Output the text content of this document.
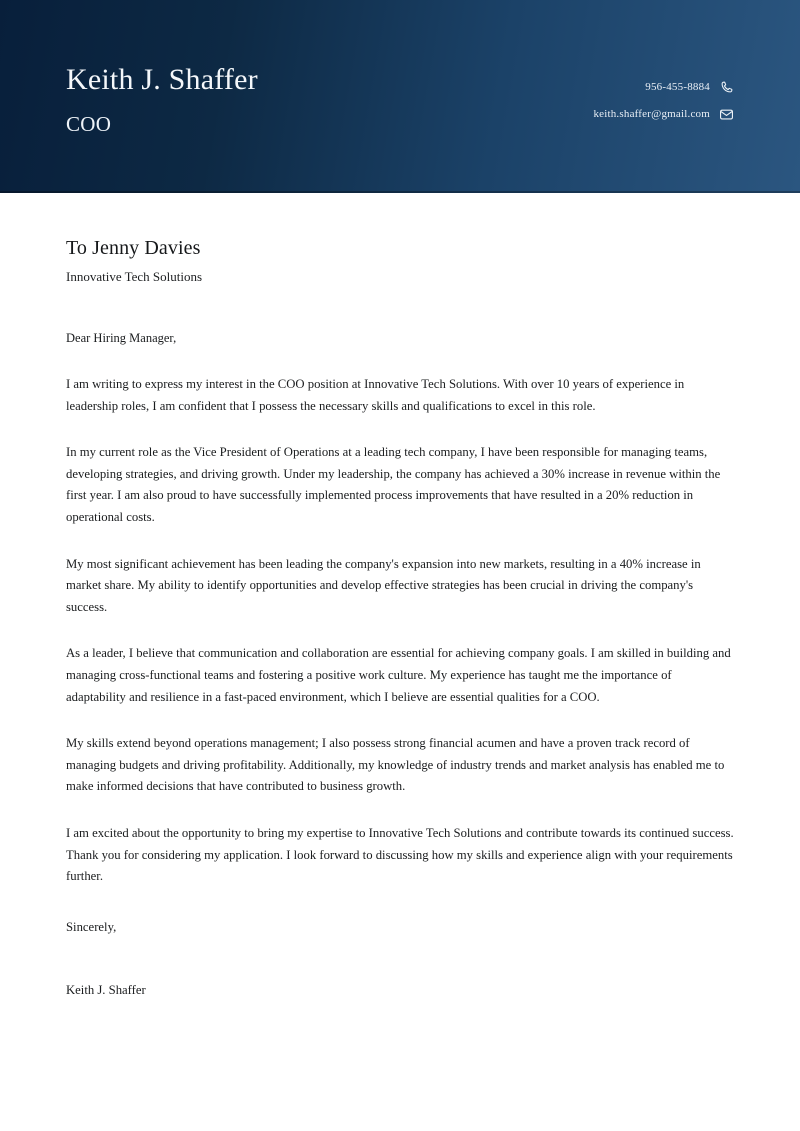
Keith J. Shaffer
COO
956-455-8884
keith.shaffer@gmail.com
To Jenny Davies
Innovative Tech Solutions
Dear Hiring Manager,

I am writing to express my interest in the COO position at Innovative Tech Solutions. With over 10 years of experience in leadership roles, I am confident that I possess the necessary skills and qualifications to excel in this role.

In my current role as the Vice President of Operations at a leading tech company, I have been responsible for managing teams, developing strategies, and driving growth. Under my leadership, the company has achieved a 30% increase in revenue within the first year. I am also proud to have successfully implemented process improvements that have resulted in a 20% reduction in operational costs.

My most significant achievement has been leading the company's expansion into new markets, resulting in a 40% increase in market share. My ability to identify opportunities and develop effective strategies has been crucial in driving the company's success.

As a leader, I believe that communication and collaboration are essential for achieving company goals. I am skilled in building and managing cross-functional teams and fostering a positive work culture. My experience has taught me the importance of adaptability and resilience in a fast-paced environment, which I believe are essential qualities for a COO.

My skills extend beyond operations management; I also possess strong financial acumen and have a proven track record of managing budgets and driving profitability. Additionally, my knowledge of industry trends and market analysis has enabled me to make informed decisions that have contributed to business growth.

I am excited about the opportunity to bring my expertise to Innovative Tech Solutions and contribute towards its continued success. Thank you for considering my application. I look forward to discussing how my skills and experience align with your requirements further.

Sincerely,
Keith J. Shaffer
